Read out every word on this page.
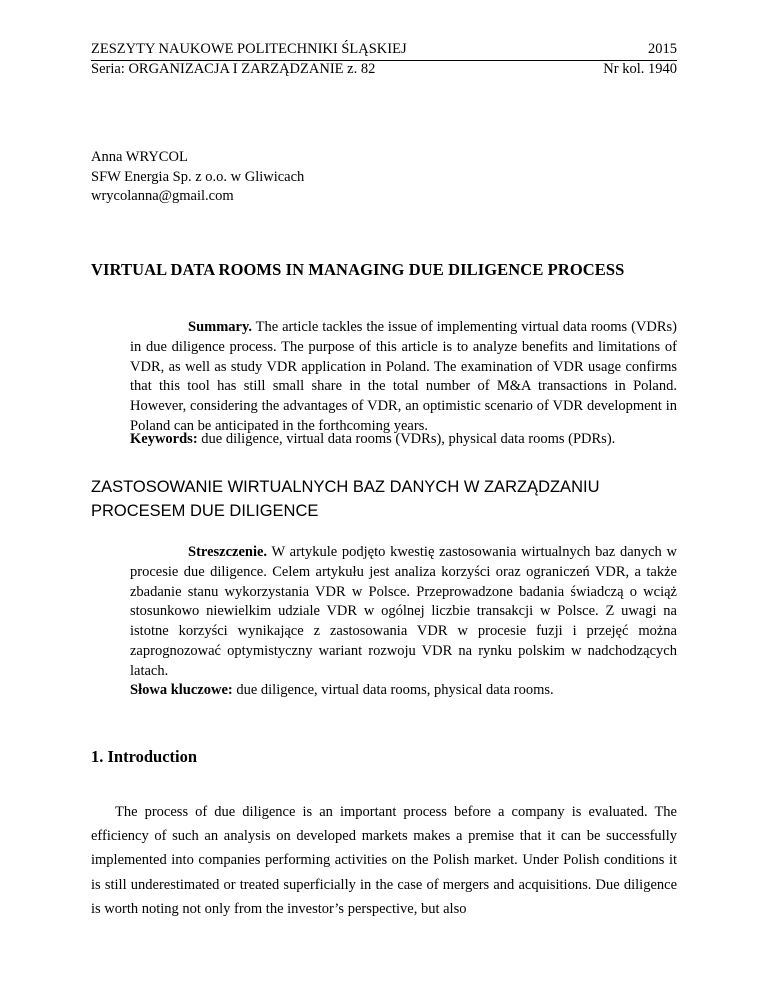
ZESZYTY NAUKOWE POLITECHNIKI ŚLĄSKIEJ
Seria: ORGANIZACJA I ZARZĄDZANIE z. 82
2015
Nr kol. 1940
Anna WRYCOL
SFW Energia Sp. z o.o. w Gliwicach
wrycolanna@gmail.com
VIRTUAL DATA ROOMS IN MANAGING DUE DILIGENCE PROCESS
Summary. The article tackles the issue of implementing virtual data rooms (VDRs) in due diligence process. The purpose of this article is to analyze benefits and limitations of VDR, as well as study VDR application in Poland. The examination of VDR usage confirms that this tool has still small share in the total number of M&A transactions in Poland. However, considering the advantages of VDR, an optimistic scenario of VDR development in Poland can be anticipated in the forthcoming years.
Keywords: due diligence, virtual data rooms (VDRs), physical data rooms (PDRs).
ZASTOSOWANIE WIRTUALNYCH BAZ DANYCH W ZARZĄDZANIU PROCESEM DUE DILIGENCE
Streszczenie. W artykule podjęto kwestię zastosowania wirtualnych baz danych w procesie due diligence. Celem artykułu jest analiza korzyści oraz ograniczeń VDR, a także zbadanie stanu wykorzystania VDR w Polsce. Przeprowadzone badania świadczą o wciąż stosunkowo niewielkim udziale VDR w ogólnej liczbie transakcji w Polsce. Z uwagi na istotne korzyści wynikające z zastosowania VDR w procesie fuzji i przejęć można zaprognozować optymistyczny wariant rozwoju VDR na rynku polskim w nadchodzących latach.
Słowa kluczowe: due diligence, virtual data rooms, physical data rooms.
1. Introduction
The process of due diligence is an important process before a company is evaluated. The efficiency of such an analysis on developed markets makes a premise that it can be successfully implemented into companies performing activities on the Polish market. Under Polish conditions it is still underestimated or treated superficially in the case of mergers and acquisitions. Due diligence is worth noting not only from the investor’s perspective, but also
